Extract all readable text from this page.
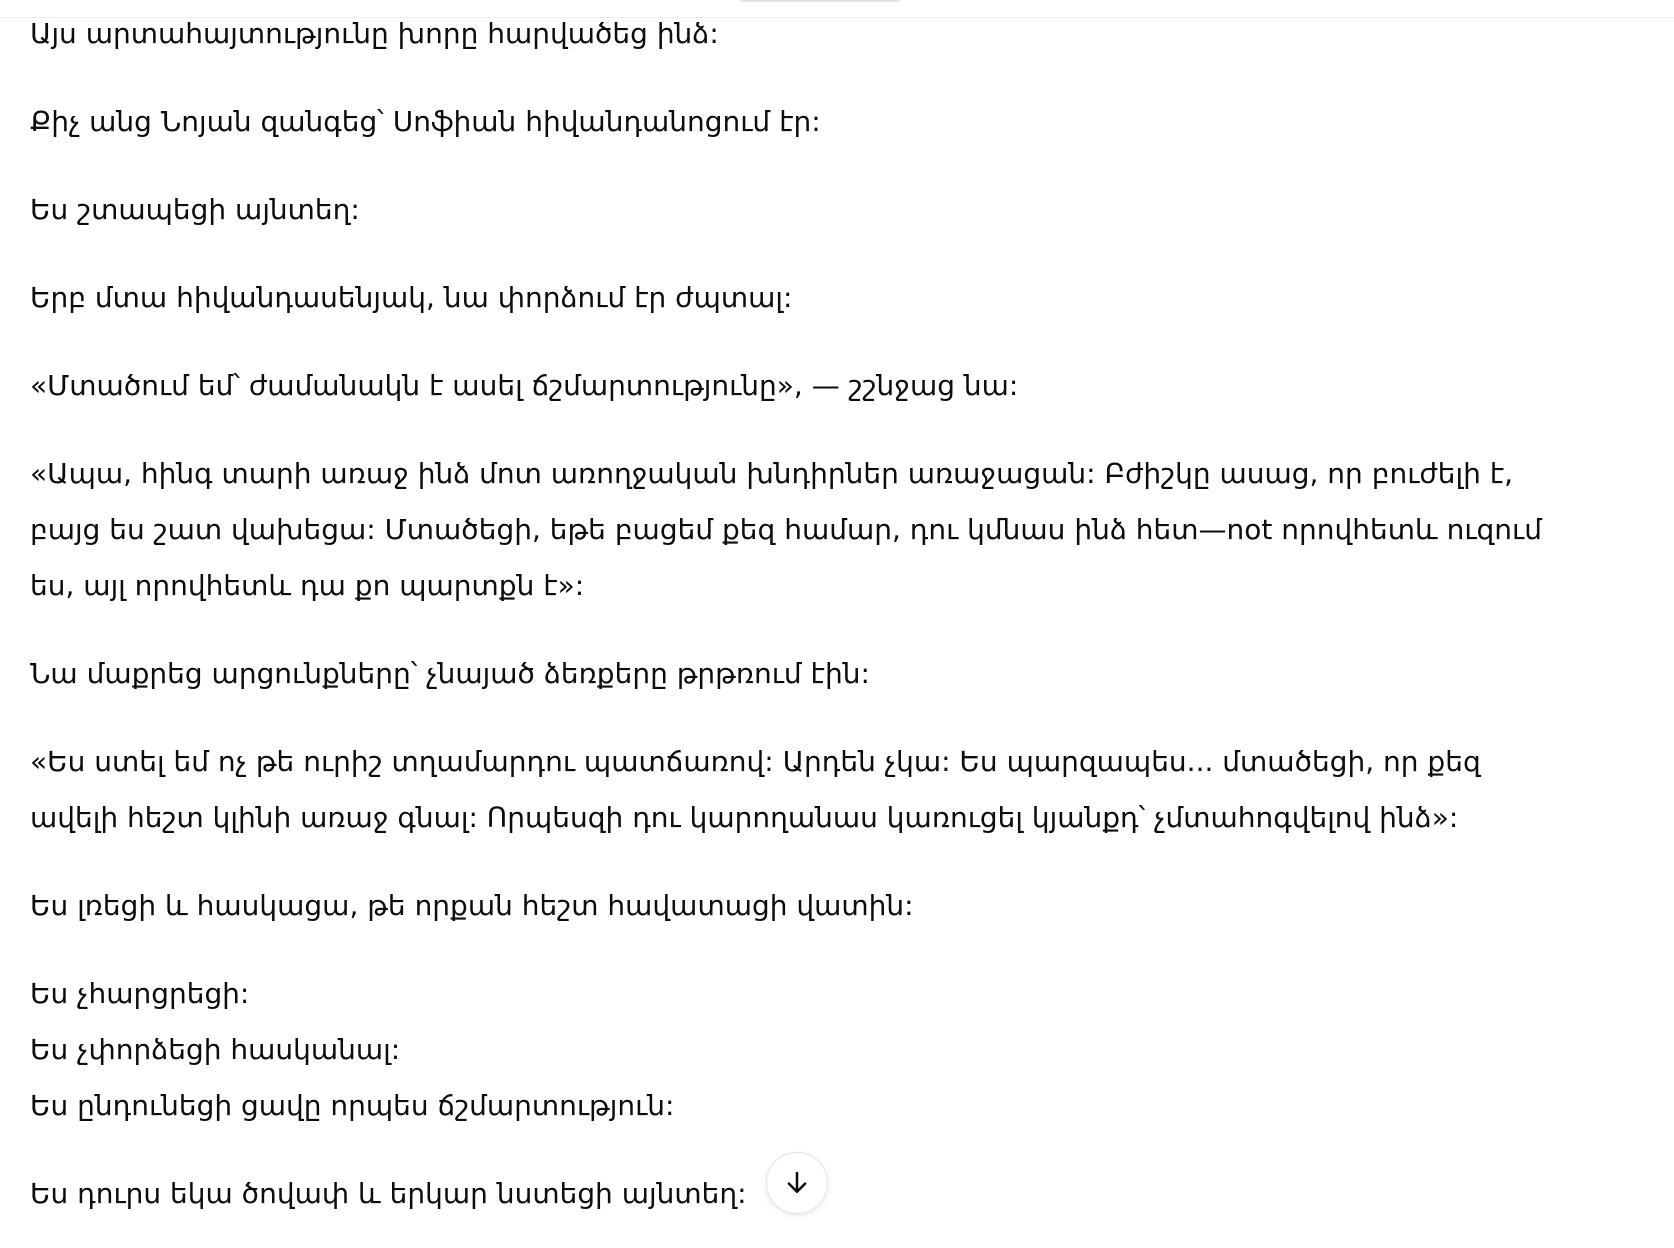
Այս արտահայտությունը խորը հարվածեց ինձ:

Քիչ անց Նոյան զանգեց՝ Սոֆիան հիվանդանոցում էր:

Ես շտապեցի այնտեղ:

Երբ մտա հիվանդասենյակ, նա փորձում էր ժպտալ:

«Մտածում եմ՝ ժամանակն է ասել ճշմարտությունը», — շշնջաց նա:

«Ապա, հինգ տարի առաջ ինձ մոտ առողջական խնդիրներ առաջացան: Բժիշկը ասաց, որ բուժելի է,
բայց ես շատ վախեցա: Մտածեցի, եթե բացեմ քեզ համար, դու կմնաս ինձ հետ—not որովհետև ուզում
ես, այլ որովհետև դա քո պարտքն է»:

Նա մաքրեց արցունքները՝ չնայած ձեռքերը թրթռում էին:

«Ես ստել եմ ոչ թե ուրիշ տղամարդու պատճառով: Արդեն չկա: Ես պարզապես... մտածեցի, որ քեզ
ավելի հեշտ կլինի առաջ գնալ: Որպեսզի դու կարողանաս կառուցել կյանքդ՝ չմտահոգվելով ինձ»:

Ես լռեցի և հասկացա, թե որքան հեշտ հավատացի վատին:

Ես չհարցրեցի:
Ես չփորձեցի հասկանալ:
Ես ընդունեցի ցավը որպես ճշմարտություն:

Ես դուրս եկա ծովափ և երկար նստեցի այնտեղ:
